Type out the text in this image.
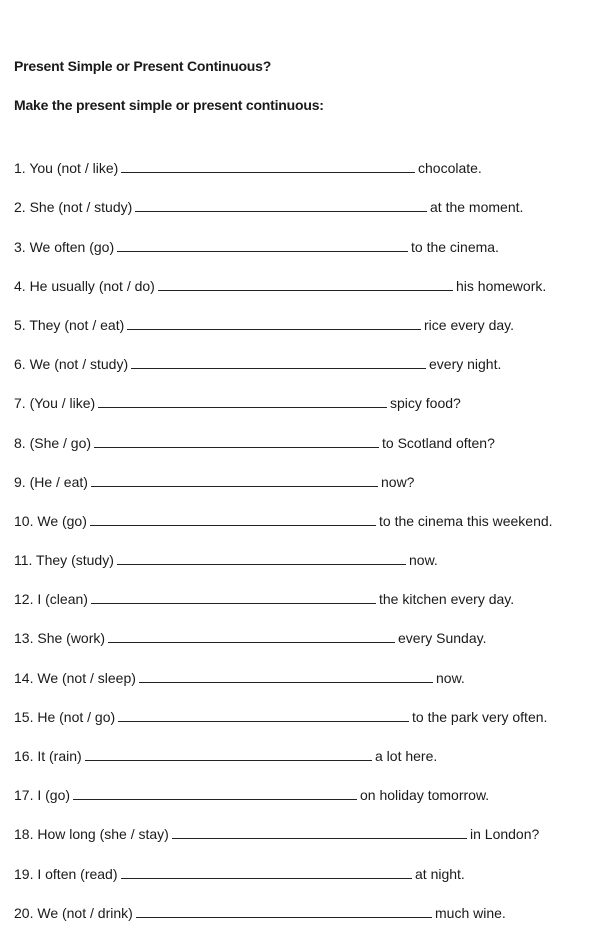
Present Simple or Present Continuous?
Make the present simple or present continuous:
1. You (not / like)	chocolate.
2. She (not / study)	at the moment.
3. We often (go)	to the cinema.
4. He usually (not / do)	his homework.
5. They (not / eat)	rice every day.
6. We (not / study)	every night.
7. (You / like)	spicy food?
8. (She / go)	to Scotland often?
9. (He / eat)	now?
10. We (go)	to the cinema this weekend.
11. They (study)	now.
12. I (clean)	the kitchen every day.
13. She (work)	every Sunday.
14. We (not / sleep)	now.
15. He (not / go)	to the park very often.
16. It (rain)	a lot here.
17. I (go)	on holiday tomorrow.
18. How long (she / stay)	in London?
19. I often (read)	at night.
20. We (not / drink)	much wine.
